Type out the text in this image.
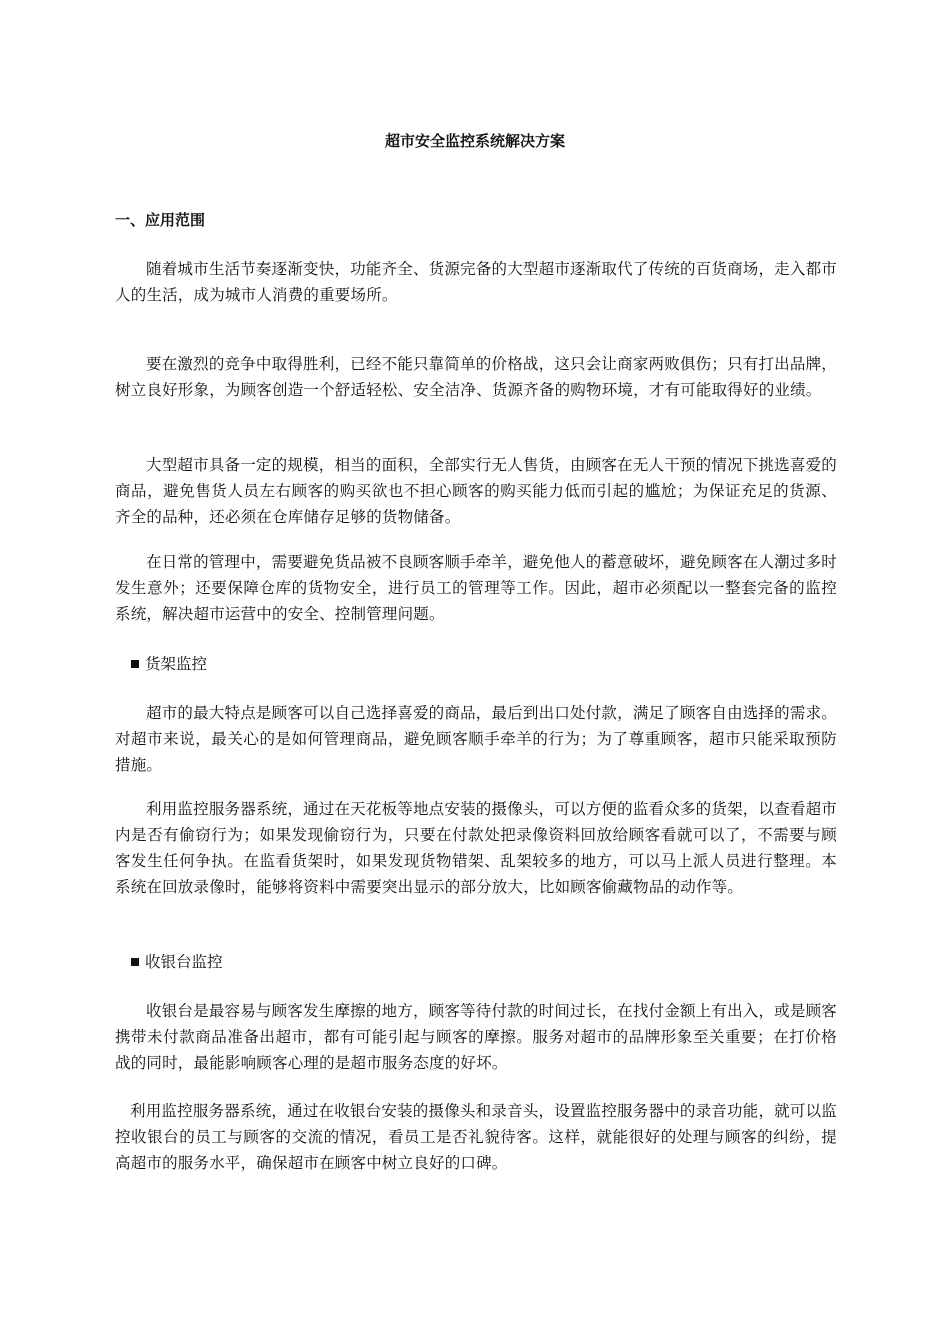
超市安全监控系统解决方案
一、应用范围

随着城市生活节奏逐渐变快，功能齐全、货源完备的大型超市逐渐取代了传统的百货商场，走入都市人的生活，成为城市人消费的重要场所。

要在激烈的竞争中取得胜利，已经不能只靠简单的价格战，这只会让商家两败俱伤；只有打出品牌，树立良好形象，为顾客创造一个舒适轻松、安全洁净、货源齐备的购物环境，才有可能取得好的业绩。

大型超市具备一定的规模，相当的面积，全部实行无人售货，由顾客在无人干预的情况下挑选喜爱的商品，避免售货人员左右顾客的购买欲也不担心顾客的购买能力低而引起的尴尬；为保证充足的货源、齐全的品种，还必须在仓库储存足够的货物储备。

在日常的管理中，需要避免货品被不良顾客顺手牵羊，避免他人的蓄意破坏，避免顾客在人潮过多时发生意外；还要保障仓库的货物安全，进行员工的管理等工作。因此，超市必须配以一整套完备的监控系统，解决超市运营中的安全、控制管理问题。

货架监控

超市的最大特点是顾客可以自己选择喜爱的商品，最后到出口处付款，满足了顾客自由选择的需求。对超市来说，最关心的是如何管理商品，避免顾客顺手牵羊的行为；为了尊重顾客，超市只能采取预防措施。

利用监控服务器系统，通过在天花板等地点安装的摄像头，可以方便的监看众多的货架，以查看超市内是否有偷窃行为；如果发现偷窃行为，只要在付款处把录像资料回放给顾客看就可以了，不需要与顾客发生任何争执。在监看货架时，如果发现货物错架、乱架较多的地方，可以马上派人员进行整理。本系统在回放录像时，能够将资料中需要突出显示的部分放大，比如顾客偷藏物品的动作等。

收银台监控

收银台是最容易与顾客发生摩擦的地方，顾客等待付款的时间过长，在找付金额上有出入，或是顾客携带未付款商品准备出超市，都有可能引起与顾客的摩擦。服务对超市的品牌形象至关重要；在打价格战的同时，最能影响顾客心理的是超市服务态度的好坏。

利用监控服务器系统，通过在收银台安装的摄像头和录音头，设置监控服务器中的录音功能，就可以监控收银台的员工与顾客的交流的情况，看员工是否礼貌待客。这样，就能很好的处理与顾客的纠纷，提高超市的服务水平，确保超市在顾客中树立良好的口碑。
